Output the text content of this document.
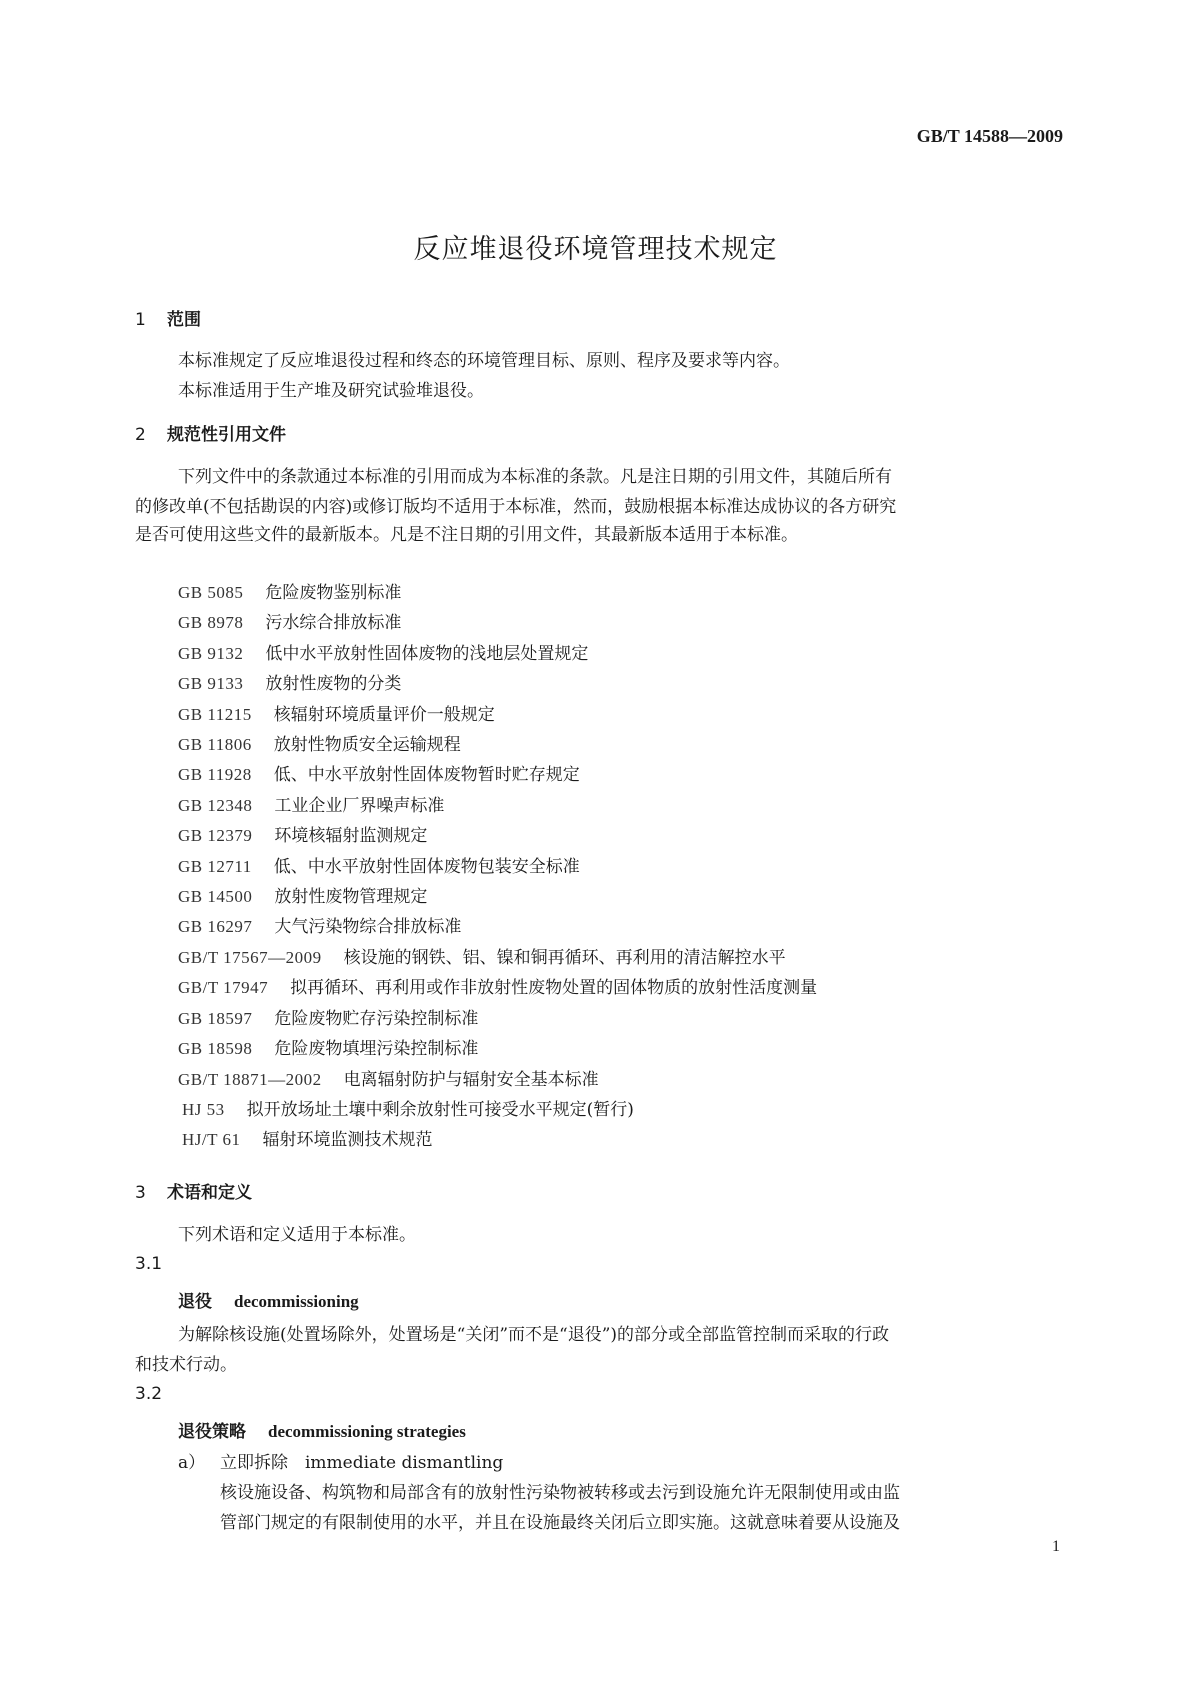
GB/T 14588—2009
反应堆退役环境管理技术规定
1 范围
本标准规定了反应堆退役过程和终态的环境管理目标、原则、程序及要求等内容。
本标准适用于生产堆及研究试验堆退役。
2 规范性引用文件
下列文件中的条款通过本标准的引用而成为本标准的条款。凡是注日期的引用文件，其随后所有
的修改单(不包括勘误的内容)或修订版均不适用于本标准，然而，鼓励根据本标准达成协议的各方研究
是否可使用这些文件的最新版本。凡是不注日期的引用文件，其最新版本适用于本标准。
GB 5085 危险废物鉴别标准
GB 8978 污水综合排放标准
GB 9132 低中水平放射性固体废物的浅地层处置规定
GB 9133 放射性废物的分类
GB 11215 核辐射环境质量评价一般规定
GB 11806 放射性物质安全运输规程
GB 11928 低、中水平放射性固体废物暂时贮存规定
GB 12348 工业企业厂界噪声标准
GB 12379 环境核辐射监测规定
GB 12711 低、中水平放射性固体废物包装安全标准
GB 14500 放射性废物管理规定
GB 16297 大气污染物综合排放标准
GB/T 17567—2009 核设施的钢铁、铝、镍和铜再循环、再利用的清洁解控水平
GB/T 17947 拟再循环、再利用或作非放射性废物处置的固体物质的放射性活度测量
GB 18597 危险废物贮存污染控制标准
GB 18598 危险废物填埋污染控制标准
GB/T 18871—2002 电离辐射防护与辐射安全基本标准
HJ 53 拟开放场址土壤中剩余放射性可接受水平规定(暂行)
HJ/T 61 辐射环境监测技术规范
3 术语和定义
下列术语和定义适用于本标准。
3.1
退役 decommissioning
为解除核设施(处置场除外，处置场是“关闭”而不是“退役”)的部分或全部监管控制而采取的行政
和技术行动。
3.2
退役策略 decommissioning strategies
a） 立即拆除　immediate dismantling
核设施设备、构筑物和局部含有的放射性污染物被转移或去污到设施允许无限制使用或由监
管部门规定的有限制使用的水平，并且在设施最终关闭后立即实施。这就意味着要从设施及
1
